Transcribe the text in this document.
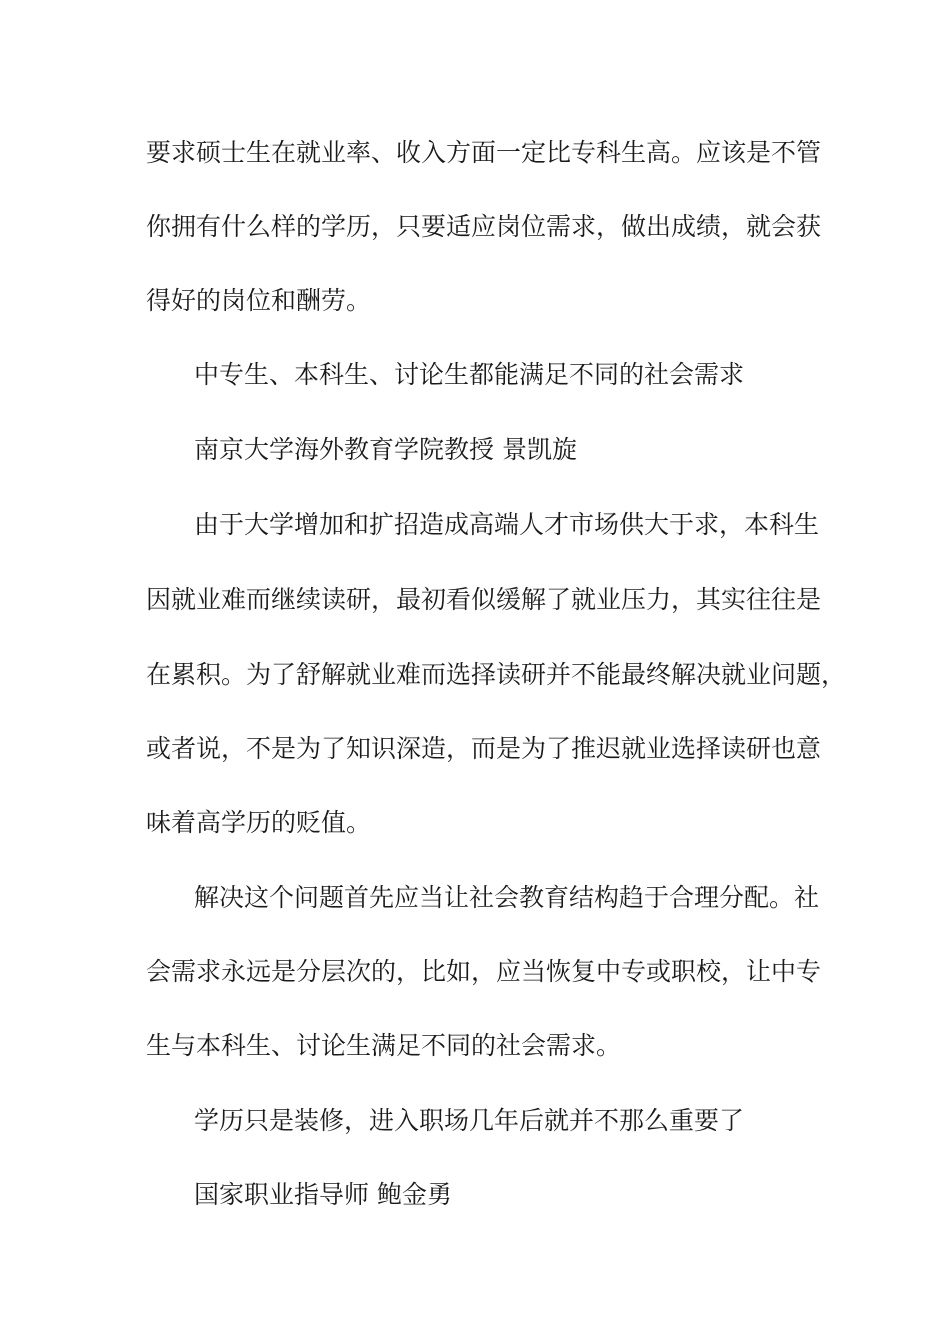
要求硕士生在就业率、收入方面一定比专科生高。应该是不管
你拥有什么样的学历，只要适应岗位需求，做出成绩，就会获
得好的岗位和酬劳。
中专生、本科生、讨论生都能满足不同的社会需求
南京大学海外教育学院教授 景凯旋
由于大学增加和扩招造成高端人才市场供大于求，本科生
因就业难而继续读研，最初看似缓解了就业压力，其实往往是
在累积。为了舒解就业难而选择读研并不能最终解决就业问题，
或者说，不是为了知识深造，而是为了推迟就业选择读研也意
味着高学历的贬值。
解决这个问题首先应当让社会教育结构趋于合理分配。社
会需求永远是分层次的，比如，应当恢复中专或职校，让中专
生与本科生、讨论生满足不同的社会需求。
学历只是装修，进入职场几年后就并不那么重要了
国家职业指导师 鲍金勇
